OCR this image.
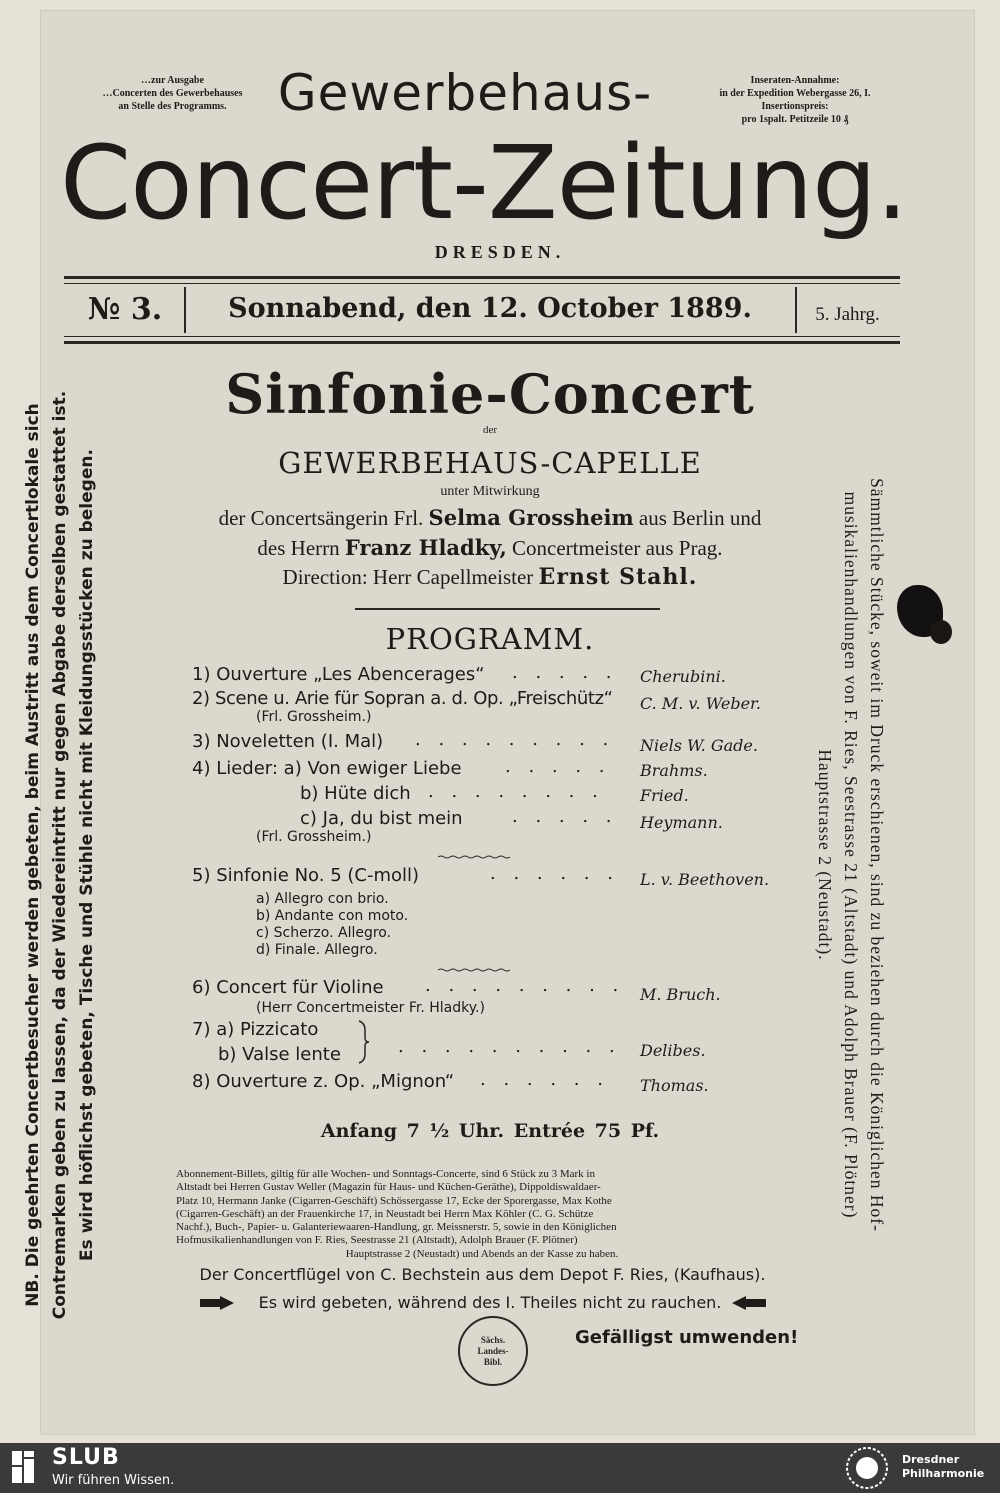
…zur Ausgabe
…Concerten des Gewerbehauses
an Stelle des Programms.
Inseraten-Annahme:
in der Expedition Webergasse 26, I.
Insertionspreis:
pro 1spalt. Petitzeile 10 ₰
Gewerbehaus-
Concert-Zeitung.
DRESDEN.
№ 3.	Sonnabend, den 12. October 1889.	5. Jahrg.

NB. Die geehrten Concertbesucher werden gebeten, beim Austritt aus dem Concertlokale sich Contremarken geben zu lassen, da der Wiedereintritt nur gegen Abgabe derselben gestattet ist. Es wird höflichst gebeten, Tische und Stühle nicht mit Kleidungsstücken zu belegen.	Sämmtliche Stücke, soweit im Druck erschienen, sind zu beziehen durch die Königlichen Hof-

musikalienhandlungen von F. Ries, Seestrasse 21 (Altstadt) und Adolph Brauer (F. Plötner)

Hauptstrasse 2 (Neustadt).

Sinfonie-Concert
der
GEWERBEHAUS-CAPELLE
unter Mitwirkung
der Concertsängerin Frl. Selma Grossheim aus Berlin und
des Herrn Franz Hladky, Concertmeister aus Prag.
Direction: Herr Capellmeister Ernst Stahl.
PROGRAMM.
1) Ouverture „Les Abencerages“ . . . . . Cherubini.
2) Scene u. Arie für Sopran a. d. Op. „Freischütz“ C. M. v. Weber.
(Frl. Grossheim.)
3) Noveletten (I. Mal) . . . . . . . . . Niels W. Gade.
4) Lieder: a) Von ewiger Liebe . . . . . Brahms.
b) Hüte dich . . . . . . . . Fried.
c) Ja, du bist mein	. . . . . Heymann.
(Frl. Grossheim.)
5) Sinfonie No. 5 (C-moll)	. . . . . . L. v. Beethoven.
a) Allegro con brio.
b) Andante con moto.
c) Scherzo. Allegro.
d) Finale. Allegro.
6) Concert für Violine . . . . . . . . . M. Bruch.
(Herr Concertmeister Fr. Hladky.)
7) a) Pizzicato
b) Valse lente	. . . . . . . . . . Delibes.
8) Ouverture z. Op. „Mignon“ . . . . . . Thomas.
Anfang 7 ½ Uhr. Entrée 75 Pf.

Abonnement-Billets, giltig für alle Wochen- und Sonntags-Concerte, sind 6 Stück zu 3 Mark in

Altstadt bei Herren Gustav Weller (Magazin für Haus- und Küchen-Geräthe), Dippoldiswaldaer-

Platz 10, Hermann Janke (Cigarren-Geschäft) Schössergasse 17, Ecke der Sporergasse, Max Kothe

(Cigarren-Geschäft) an der Frauenkirche 17, in Neustadt bei Herrn Max Köhler (C. G. Schütze

Nachf.), Buch-, Papier- u. Galanteriewaaren-Handlung, gr. Meissnerstr. 5, sowie in den Königlichen

Hofmusikalienhandlungen von F. Ries, Seestrasse 21 (Altstadt), Adolph Brauer (F. Plötner)

Hauptstrasse 2 (Neustadt) und Abends an der Kasse zu haben.

Der Concertflügel von C. Bechstein aus dem Depot F. Ries, (Kaufhaus).
Es wird gebeten, während des I. Theiles nicht zu rauchen.
Sächs.
Landes-
Bibl.
Gefälligst umwenden!
SLUB
Wir führen Wissen.
Dresdner
Philharmonie
